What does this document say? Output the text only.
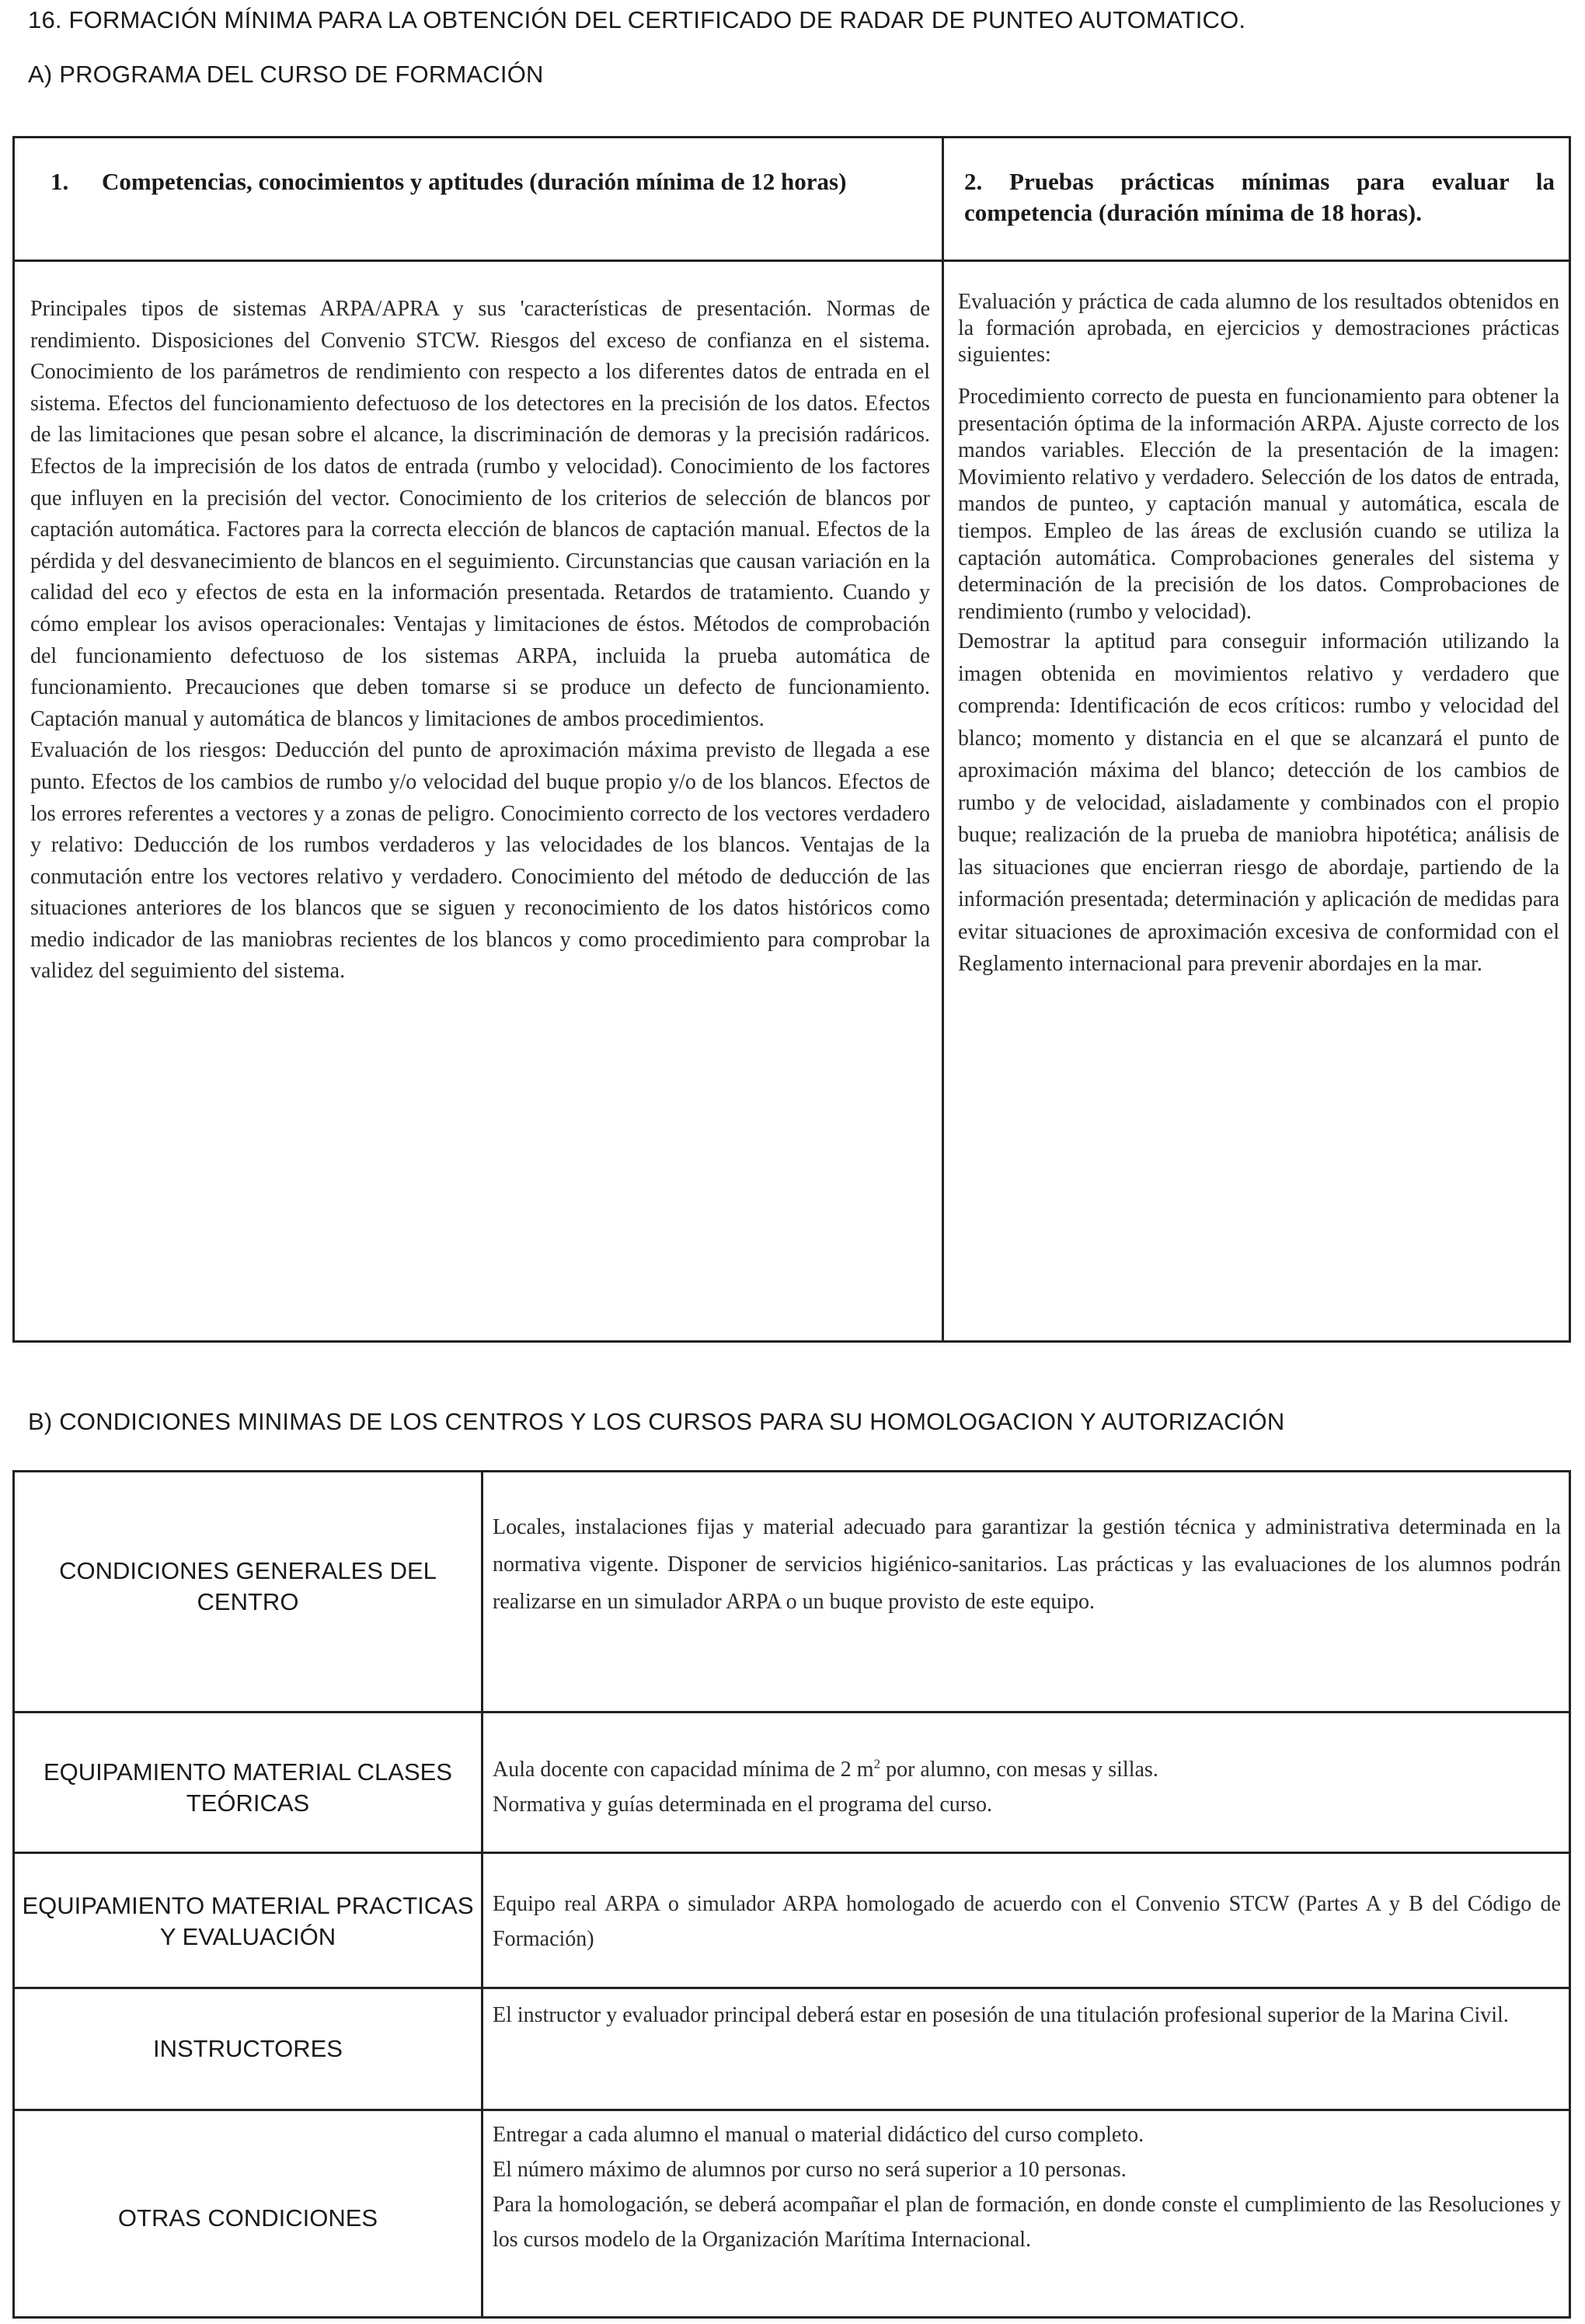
16. FORMACIÓN MÍNIMA PARA LA OBTENCIÓN DEL CERTIFICADO DE RADAR DE PUNTEO AUTOMATICO.
A) PROGRAMA DEL CURSO DE FORMACIÓN
1. Competencias, conocimientos y aptitudes (duración mínima de 12 horas)	2. Pruebas prácticas mínimas para evaluar la competencia (duración mínima de 18 horas).

Principales tipos de sistemas ARPA/APRA y sus 'características de presentación. Normas de rendimiento. Disposiciones del Convenio STCW. Riesgos del exceso de confianza en el sistema. Conocimiento de los parámetros de rendimiento con respecto a los diferentes datos de entrada en el sistema. Efectos del funcionamiento defectuoso de los detectores en la precisión de los datos. Efectos de las limitaciones que pesan sobre el alcance, la discriminación de demoras y la precisión radáricos. Efectos de la imprecisión de los datos de entrada (rumbo y velocidad). Conocimiento de los factores que influyen en la precisión del vector. Conocimiento de los criterios de selección de blancos por captación automática. Factores para la correcta elección de blancos de captación manual. Efectos de la pérdida y del desvanecimiento de blancos en el seguimiento. Circunstancias que causan variación en la calidad del eco y efectos de esta en la información presentada. Retardos de tratamiento. Cuando y cómo emplear los avisos operacionales: Ventajas y limitaciones de éstos. Métodos de comprobación del funcionamiento defectuoso de los sistemas ARPA, incluida la prueba automática de funcionamiento. Precauciones que deben tomarse si se produce un defecto de funcionamiento. Captación manual y automática de blancos y limitaciones de ambos procedimientos.

Evaluación de los riesgos: Deducción del punto de aproximación máxima previsto de llegada a ese punto. Efectos de los cambios de rumbo y/o velocidad del buque propio y/o de los blancos. Efectos de los errores referentes a vectores y a zonas de peligro. Conocimiento correcto de los vectores verdadero y relativo: Deducción de los rumbos verdaderos y las velocidades de los blancos. Ventajas de la conmutación entre los vectores relativo y verdadero. Conocimiento del método de deducción de las situaciones anteriores de los blancos que se siguen y reconocimiento de los datos históricos como medio indicador de las maniobras recientes de los blancos y como procedimiento para comprobar la validez del seguimiento del sistema.

Evaluación y práctica de cada alumno de los resultados obtenidos en la formación aprobada, en ejercicios y demostraciones prácticas siguientes:

Procedimiento correcto de puesta en funcionamiento para obtener la presentación óptima de la información ARPA. Ajuste correcto de los mandos variables. Elección de la presentación de la imagen: Movimiento relativo y verdadero. Selección de los datos de entrada, mandos de punteo, y captación manual y automática, escala de tiempos. Empleo de las áreas de exclusión cuando se utiliza la captación automática. Comprobaciones generales del sistema y determinación de la precisión de los datos. Comprobaciones de rendimiento (rumbo y velocidad).

Demostrar la aptitud para conseguir información utilizando la imagen obtenida en movimientos relativo y verdadero que comprenda: Identificación de ecos críticos: rumbo y velocidad del blanco; momento y distancia en el que se alcanzará el punto de aproximación máxima del blanco; detección de los cambios de rumbo y de velocidad, aisladamente y combinados con el propio buque; realización de la prueba de maniobra hipotética; análisis de las situaciones que encierran riesgo de abordaje, partiendo de la información presentada; determinación y aplicación de medidas para evitar situaciones de aproximación excesiva de conformidad con el Reglamento internacional para prevenir abordajes en la mar.

B) CONDICIONES MINIMAS DE LOS CENTROS Y LOS CURSOS PARA SU HOMOLOGACION Y AUTORIZACIÓN
CONDICIONES GENERALES DEL CENTRO

Locales, instalaciones fijas y material adecuado para garantizar la gestión técnica y administrativa determinada en la normativa vigente. Disponer de servicios higiénico-sanitarios. Las prácticas y las evaluaciones de los alumnos podrán realizarse en un simulador ARPA o un buque provisto de este equipo.

EQUIPAMIENTO MATERIAL CLASES TEÓRICAS

Aula docente con capacidad mínima de 2 $m^2$ por alumno, con mesas y sillas.

Normativa y guías determinada en el programa del curso.

EQUIPAMIENTO MATERIAL PRACTICAS Y EVALUACIÓN

Equipo real ARPA o simulador ARPA homologado de acuerdo con el Convenio STCW (Partes A y B del Código de Formación)

INSTRUCTORES

El instructor y evaluador principal deberá estar en posesión de una titulación profesional superior de la Marina Civil.

OTRAS CONDICIONES

Entregar a cada alumno el manual o material didáctico del curso completo.

El número máximo de alumnos por curso no será superior a 10 personas.

Para la homologación, se deberá acompañar el plan de formación, en donde conste el cumplimiento de las Resoluciones y los cursos modelo de la Organización Marítima Internacional.
